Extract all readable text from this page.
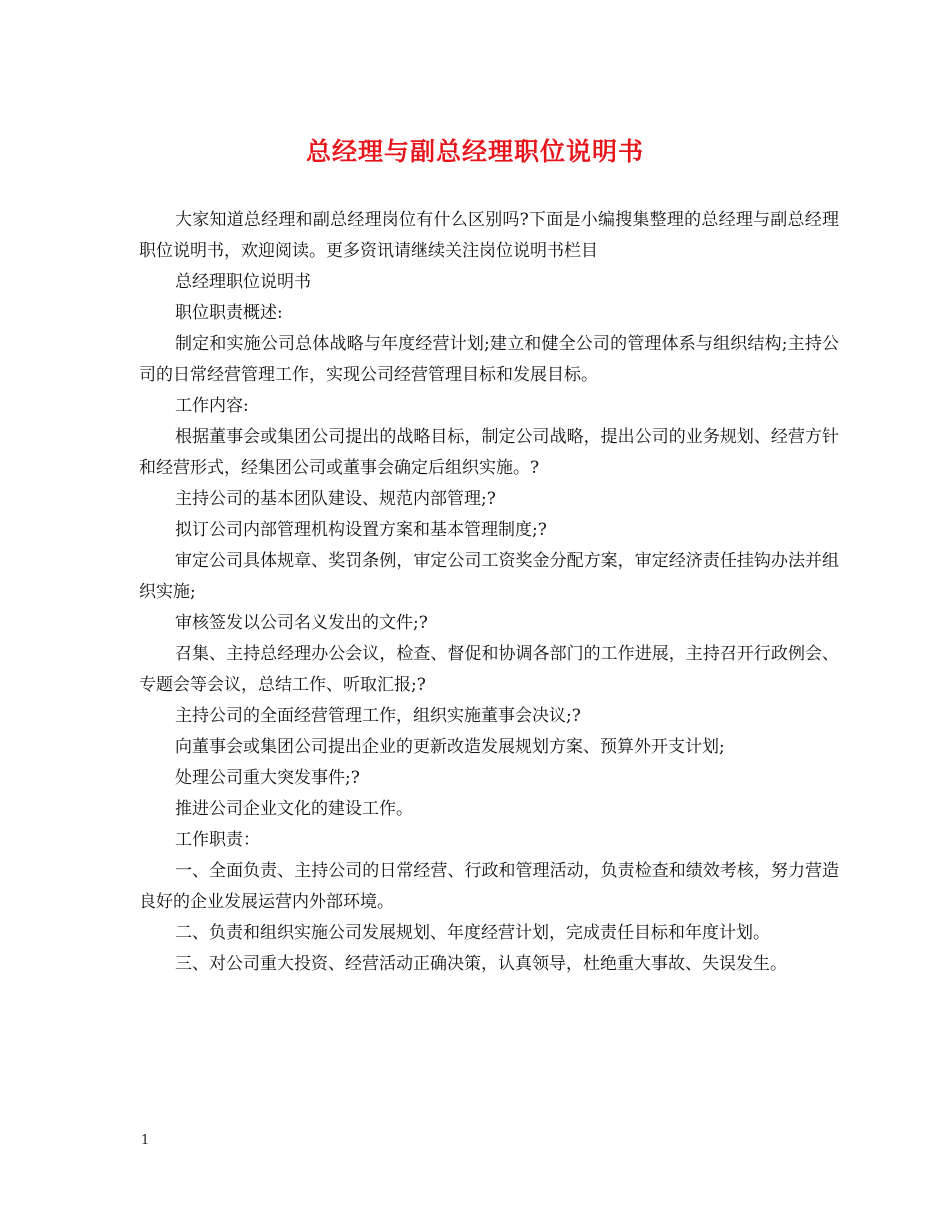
总经理与副总经理职位说明书

大家知道总经理和副总经理岗位有什么区别吗?下面是小编搜集整理的总经理与副总经理职位说明书，欢迎阅读。更多资讯请继续关注岗位说明书栏目

总经理职位说明书

职位职责概述:

制定和实施公司总体战略与年度经营计划;建立和健全公司的管理体系与组织结构;主持公司的日常经营管理工作，实现公司经营管理目标和发展目标。

工作内容:

根据董事会或集团公司提出的战略目标，制定公司战略，提出公司的业务规划、经营方针和经营形式，经集团公司或董事会确定后组织实施。?

主持公司的基本团队建设、规范内部管理;?

拟订公司内部管理机构设置方案和基本管理制度;?

审定公司具体规章、奖罚条例，审定公司工资奖金分配方案，审定经济责任挂钩办法并组织实施;

审核签发以公司名义发出的文件;?

召集、主持总经理办公会议，检查、督促和协调各部门的工作进展，主持召开行政例会、专题会等会议，总结工作、听取汇报;?

主持公司的全面经营管理工作，组织实施董事会决议;?

向董事会或集团公司提出企业的更新改造发展规划方案、预算外开支计划;

处理公司重大突发事件;?

推进公司企业文化的建设工作。

工作职责：

一、全面负责、主持公司的日常经营、行政和管理活动，负责检查和绩效考核，努力营造良好的企业发展运营内外部环境。

二、负责和组织实施公司发展规划、年度经营计划，完成责任目标和年度计划。

三、对公司重大投资、经营活动正确决策，认真领导，杜绝重大事故、失误发生。

1
